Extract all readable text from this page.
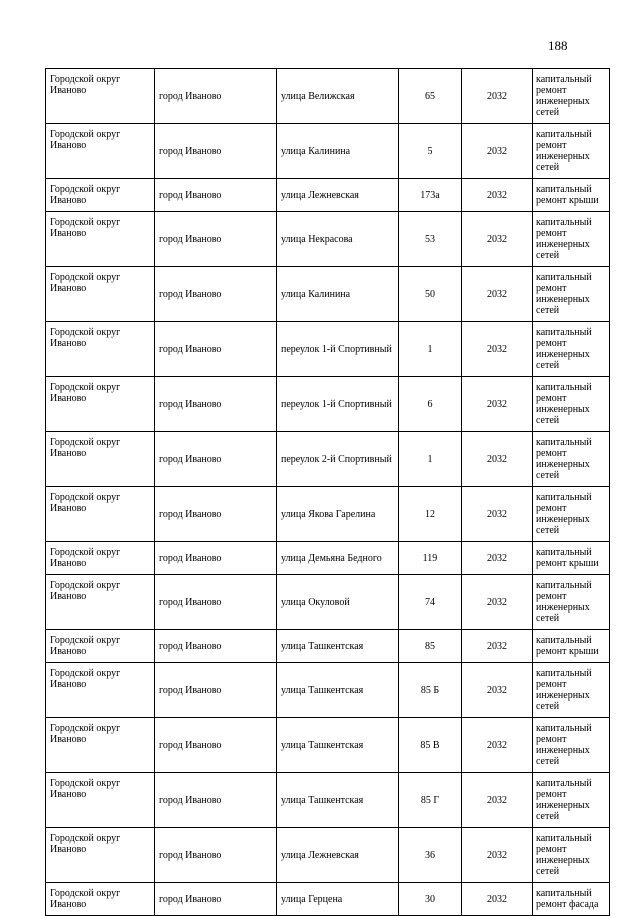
188
Городской округ
Иваново	город Иваново	улица Велижская	65	2032	капитальный ремонт инженерных сетей

Городской округ
Иваново	город Иваново	улица Калинина	5	2032	капитальный ремонт инженерных сетей

Городской округ
Иваново	город Иваново	улица Лежневская	173а	2032	капитальный ремонт крыши

Городской округ
Иваново	город Иваново	улица Некрасова	53	2032	капитальный ремонт инженерных сетей

Городской округ
Иваново	город Иваново	улица Калинина	50	2032	капитальный ремонт инженерных сетей

Городской округ
Иваново	город Иваново	переулок 1-й Спортивный	1	2032	капитальный ремонт инженерных сетей

Городской округ
Иваново	город Иваново	переулок 1-й Спортивный	6	2032	капитальный ремонт инженерных сетей

Городской округ
Иваново	город Иваново	переулок 2-й Спортивный	1	2032	капитальный ремонт инженерных сетей

Городской округ
Иваново	город Иваново	улица Якова Гарелина	12	2032	капитальный ремонт инженерных сетей

Городской округ
Иваново	город Иваново	улица Демьяна Бедного	119	2032	капитальный ремонт крыши

Городской округ
Иваново	город Иваново	улица Окуловой	74	2032	капитальный ремонт инженерных сетей

Городской округ
Иваново	город Иваново	улица Ташкентская	85	2032	капитальный ремонт крыши

Городской округ
Иваново	город Иваново	улица Ташкентская	85 Б	2032	капитальный ремонт инженерных сетей

Городской округ
Иваново	город Иваново	улица Ташкентская	85 В	2032	капитальный ремонт инженерных сетей

Городской округ
Иваново	город Иваново	улица Ташкентская	85 Г	2032	капитальный ремонт инженерных сетей

Городской округ
Иваново	город Иваново	улица Лежневская	36	2032	капитальный ремонт инженерных сетей

Городской округ
Иваново	город Иваново	улица Герцена	30	2032	капитальный ремонт фасада
